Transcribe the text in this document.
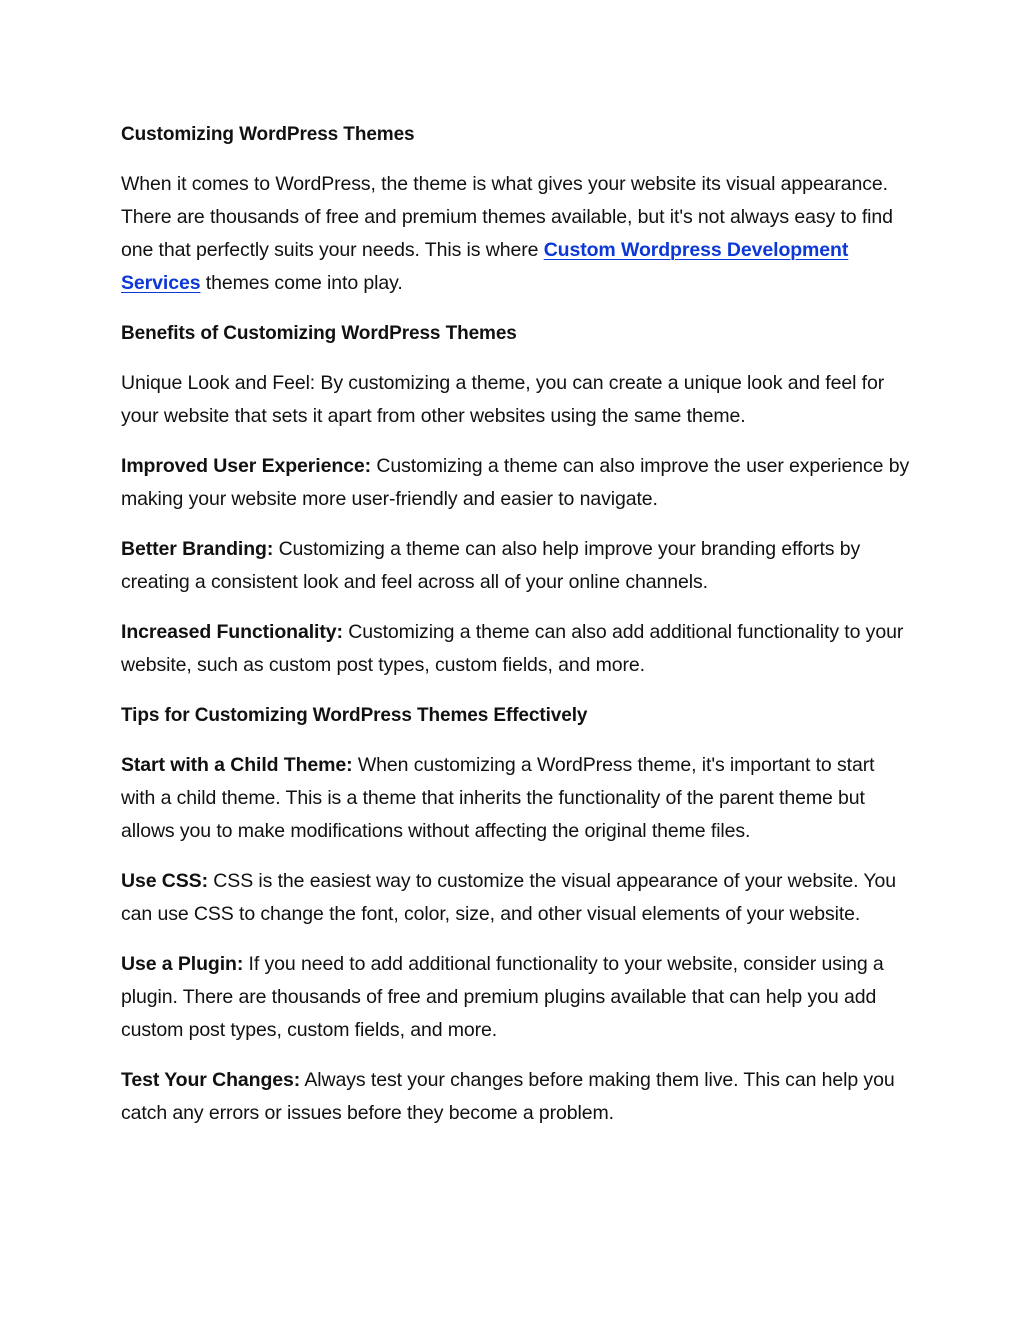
Customizing WordPress Themes

When it comes to WordPress, the theme is what gives your website its visual appearance. There are thousands of free and premium themes available, but it's not always easy to find one that perfectly suits your needs. This is where Custom Wordpress Development Services themes come into play.

Benefits of Customizing WordPress Themes

Unique Look and Feel: By customizing a theme, you can create a unique look and feel for your website that sets it apart from other websites using the same theme.

Improved User Experience: Customizing a theme can also improve the user experience by making your website more user-friendly and easier to navigate.

Better Branding: Customizing a theme can also help improve your branding efforts by creating a consistent look and feel across all of your online channels.

Increased Functionality: Customizing a theme can also add additional functionality to your website, such as custom post types, custom fields, and more.

Tips for Customizing WordPress Themes Effectively

Start with a Child Theme: When customizing a WordPress theme, it's important to start with a child theme. This is a theme that inherits the functionality of the parent theme but allows you to make modifications without affecting the original theme files.

Use CSS: CSS is the easiest way to customize the visual appearance of your website. You can use CSS to change the font, color, size, and other visual elements of your website.

Use a Plugin: If you need to add additional functionality to your website, consider using a plugin. There are thousands of free and premium plugins available that can help you add custom post types, custom fields, and more.

Test Your Changes: Always test your changes before making them live. This can help you catch any errors or issues before they become a problem.
